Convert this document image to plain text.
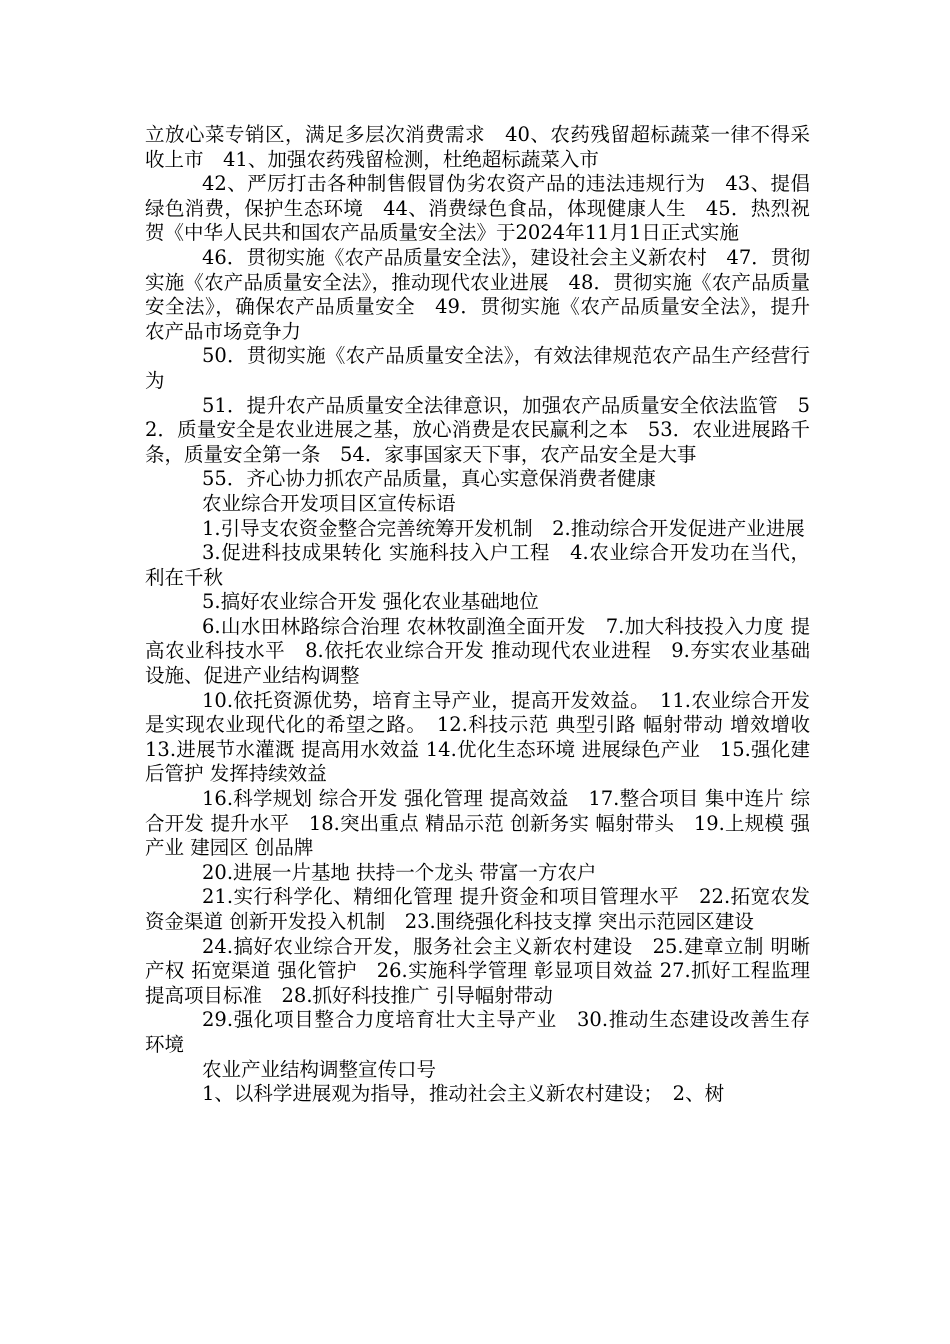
立放心菜专销区，满足多层次消费需求　40、农药残留超标蔬菜一律不得采收上市　41、加强农药残留检测，杜绝超标蔬菜入市

42、严厉打击各种制售假冒伪劣农资产品的违法违规行为　43、提倡绿色消费，保护生态环境　44、消费绿色食品，体现健康人生　45．热烈祝贺《中华人民共和国农产品质量安全法》于2024年11月1日正式实施

46．贯彻实施《农产品质量安全法》，建设社会主义新农村　47．贯彻实施《农产品质量安全法》，推动现代农业进展　48．贯彻实施《农产品质量安全法》，确保农产品质量安全　49．贯彻实施《农产品质量安全法》，提升农产品市场竞争力

50．贯彻实施《农产品质量安全法》，有效法律规范农产品生产经营行为

51．提升农产品质量安全法律意识，加强农产品质量安全依法监管　52．质量安全是农业进展之基，放心消费是农民赢利之本　53．农业进展路千条，质量安全第一条　54．家事国家天下事，农产品安全是大事

55．齐心协力抓农产品质量，真心实意保消费者健康

农业综合开发项目区宣传标语

1.引导支农资金整合完善统筹开发机制　2.推动综合开发促进产业进展

3.促进科技成果转化 实施科技入户工程　4.农业综合开发功在当代，利在千秋

5.搞好农业综合开发 强化农业基础地位

6.山水田林路综合治理 农林牧副渔全面开发　7.加大科技投入力度 提高农业科技水平　8.依托农业综合开发 推动现代农业进程　9.夯实农业基础设施、促进产业结构调整

10.依托资源优势，培育主导产业，提高开发效益。　11.农业综合开发是实现农业现代化的希望之路。　12.科技示范 典型引路 幅射带动 增效增收　13.进展节水灌溉 提高用水效益 14.优化生态环境 进展绿色产业　15.强化建后管护 发挥持续效益

16.科学规划 综合开发 强化管理 提高效益　17.整合项目 集中连片 综合开发 提升水平　18.突出重点 精品示范 创新务实 幅射带头　19.上规模 强产业 建园区 创品牌

20.进展一片基地 扶持一个龙头 带富一方农户

21.实行科学化、精细化管理 提升资金和项目管理水平　22.拓宽农发资金渠道 创新开发投入机制　23.围绕强化科技支撑 突出示范园区建设

24.搞好农业综合开发，服务社会主义新农村建设　25.建章立制 明晰产权 拓宽渠道 强化管护　26.实施科学管理 彰显项目效益 27.抓好工程监理提高项目标准　28.抓好科技推广 引导幅射带动

29.强化项目整合力度培育壮大主导产业　30.推动生态建设改善生存环境

农业产业结构调整宣传口号

1、以科学进展观为指导，推动社会主义新农村建设；　2、树
